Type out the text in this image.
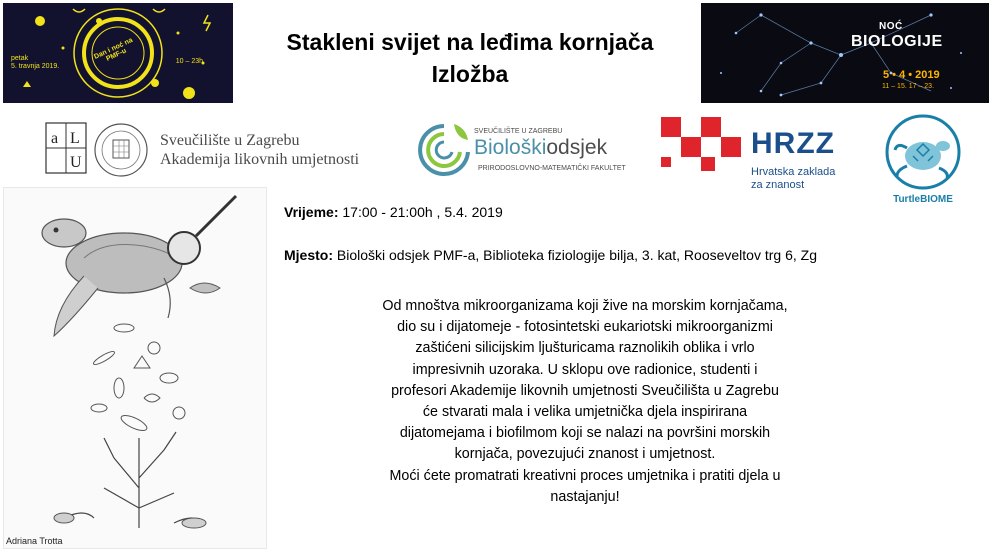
petak
5. travnja 2019.
Dan i noć na PMF-u	10 – 23h
Stakleni svijet na leđima kornjača
Izložba
NOĆ
BIOLOGIJE
5 • 4 • 2019
11 – 15. 17 – 23.
a L
U
Sveučilište u Zagrebu
Akademija likovnih umjetnosti
SVEUČILIŠTE U ZAGREBU
Biološkiodsjek
PRIRODOSLOVNO-MATEMATIČKI FAKULTET
HRZZ
Hrvatska zaklada
za znanost
TurtleBIOME
Adriana Trotta
Vrijeme: 17:00 - 21:00h , 5.4. 2019
Mjesto: Biološki odsjek PMF-a, Biblioteka fiziologije bilja, 3. kat, Rooseveltov trg 6, Zg
Od mnoštva mikroorganizama koji žive na morskim kornjačama,
dio su i dijatomeje - fotosintetski eukariotski mikroorganizmi
zaštićeni silicijskim ljušturicama raznolikih oblika i vrlo
impresivnih uzoraka. U sklopu ove radionice, studenti i
profesori Akademije likovnih umjetnosti Sveučilišta u Zagrebu
će stvarati mala i velika umjetnička djela inspirirana
dijatomejama i biofilmom koji se nalazi na površini morskih
kornjača, povezujući znanost i umjetnost.
Moći ćete promatrati kreativni proces umjetnika i pratiti djela u
nastajanju!
